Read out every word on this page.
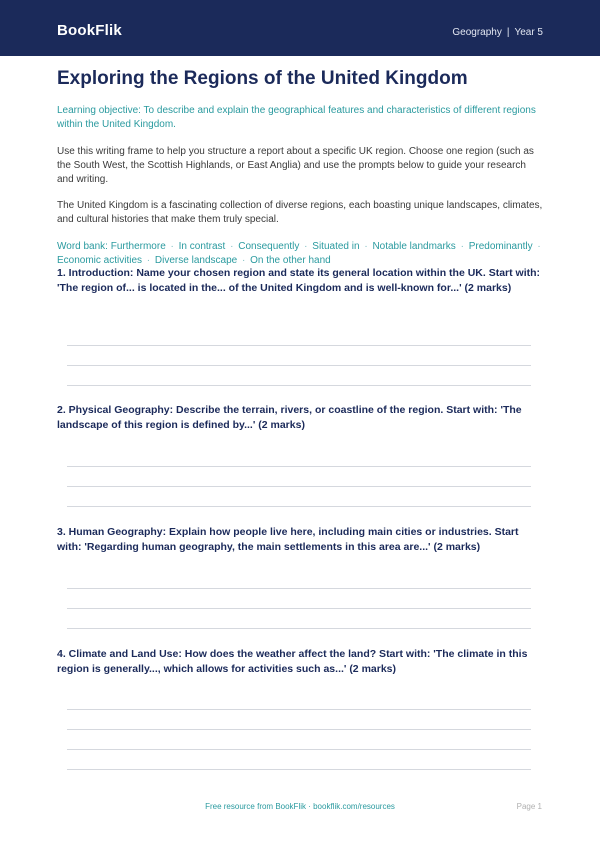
BookFlik	Geography | Year 5
Exploring the Regions of the United Kingdom
Learning objective: To describe and explain the geographical features and characteristics of different regions within the United Kingdom.
Use this writing frame to help you structure a report about a specific UK region. Choose one region (such as the South West, the Scottish Highlands, or East Anglia) and use the prompts below to guide your research and writing.
The United Kingdom is a fascinating collection of diverse regions, each boasting unique landscapes, climates, and cultural histories that make them truly special.
Word bank: Furthermore · In contrast · Consequently · Situated in · Notable landmarks · Predominantly · Economic activities · Diverse landscape · On the other hand
1. Introduction: Name your chosen region and state its general location within the UK. Start with: 'The region of... is located in the... of the United Kingdom and is well-known for...' (2 marks)
2. Physical Geography: Describe the terrain, rivers, or coastline of the region. Start with: 'The landscape of this region is defined by...' (2 marks)
3. Human Geography: Explain how people live here, including main cities or industries. Start with: 'Regarding human geography, the main settlements in this area are...' (2 marks)
4. Climate and Land Use: How does the weather affect the land? Start with: 'The climate in this region is generally..., which allows for activities such as...' (2 marks)
Free resource from BookFlik · bookflik.com/resources	Page 1
